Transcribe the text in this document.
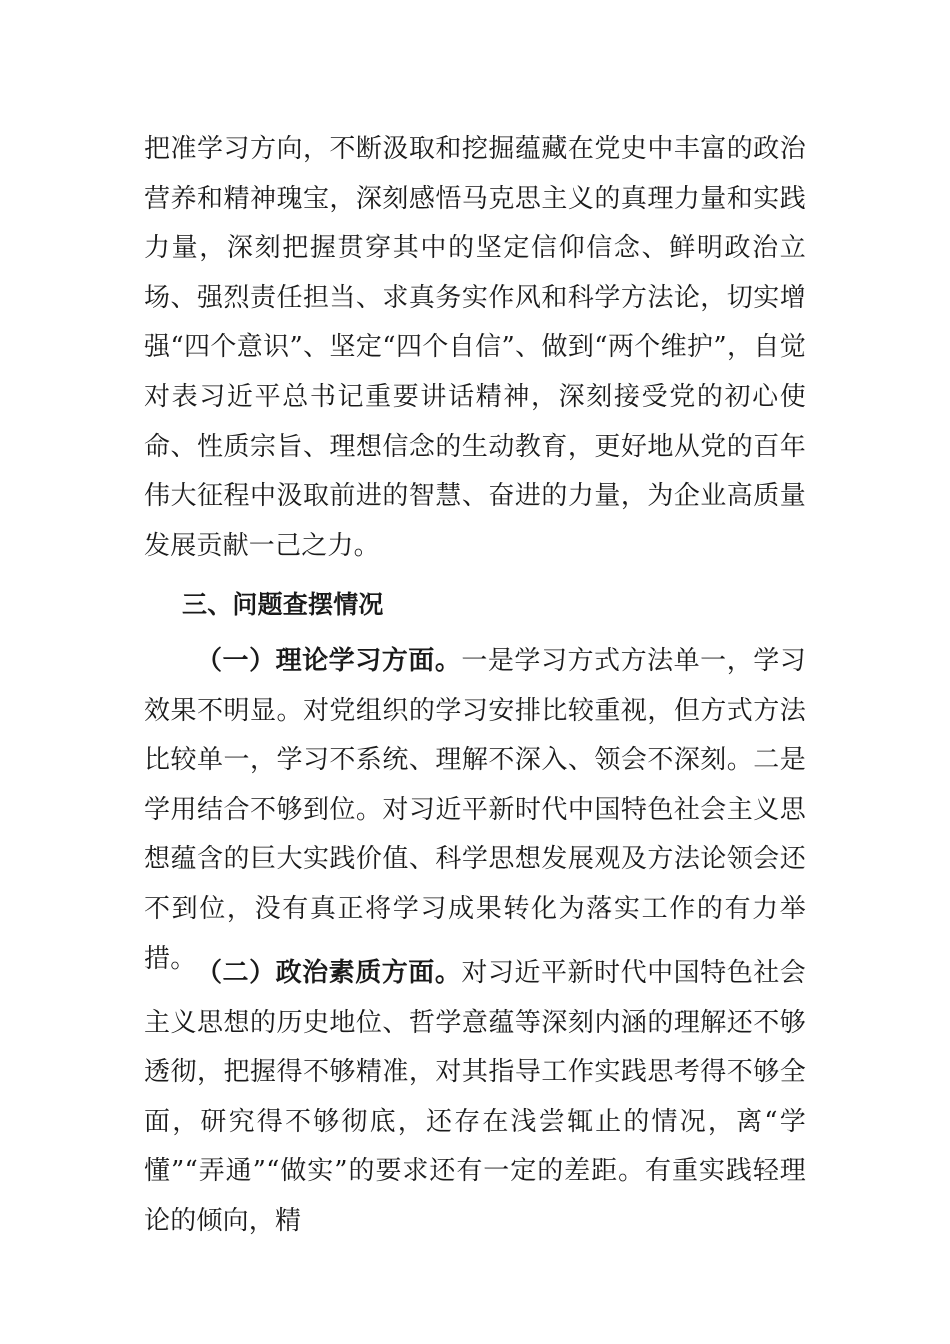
把准学习方向，不断汲取和挖掘蕴藏在党史中丰富的政治营养和精神瑰宝，深刻感悟马克思主义的真理力量和实践力量，深刻把握贯穿其中的坚定信仰信念、鲜明政治立场、强烈责任担当、求真务实作风和科学方法论，切实增强“四个意识”、坚定“四个自信”、做到“两个维护”，自觉对表习近平总书记重要讲话精神，深刻接受党的初心使命、性质宗旨、理想信念的生动教育，更好地从党的百年伟大征程中汲取前进的智慧、奋进的力量，为企业高质量发展贡献一己之力。

三、问题查摆情况

（一）理论学习方面。一是学习方式方法单一，学习效果不明显。对党组织的学习安排比较重视，但方式方法比较单一，学习不系统、理解不深入、领会不深刻。二是学用结合不够到位。对习近平新时代中国特色社会主义思想蕴含的巨大实践价值、科学思想发展观及方法论领会还不到位，没有真正将学习成果转化为落实工作的有力举措。 （二）政治素质方面。对习近平新时代中国特色社会主义思想的历史地位、哲学意蕴等深刻内涵的理解还不够透彻，把握得不够精准，对其指导工作实践思考得不够全面，研究得不够彻底，还存在浅尝辄止的情况，离“学懂”“弄通”“做实”的要求还有一定的差距。有重实践轻理论的倾向，精
